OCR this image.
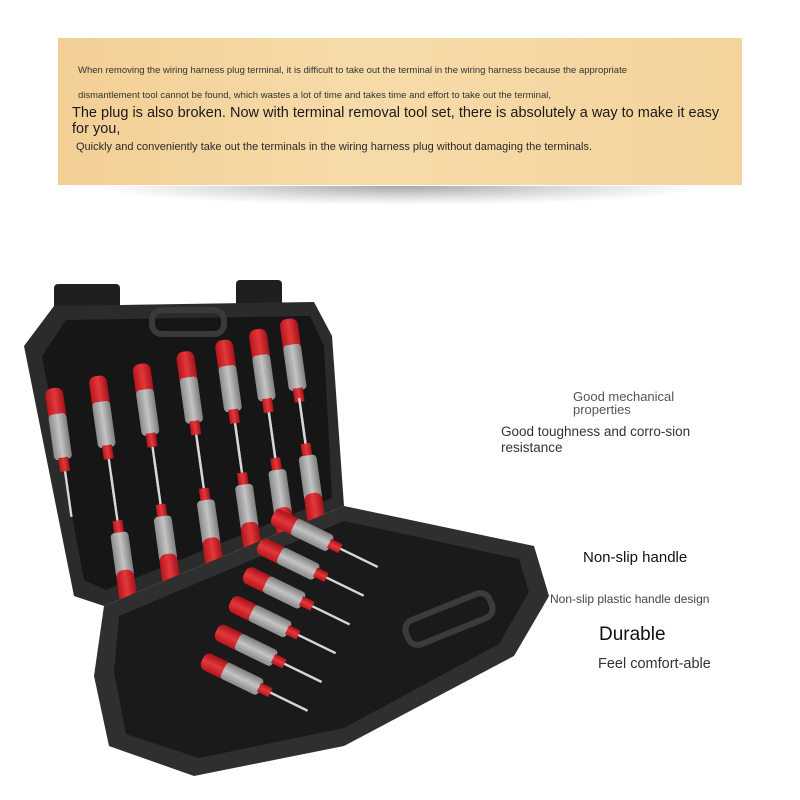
When removing the wiring harness plug terminal, it is difficult to take out the terminal in the wiring harness because the appropriate
dismantlement tool cannot be found, which wastes a lot of time and takes time and effort to take out the terminal,
The plug is also broken. Now with terminal removal tool set, there is absolutely a way to make it easy for you,
Quickly and conveniently take out the terminals in the wiring harness plug without damaging the terminals.
Good mechanical properties
Good toughness and corro-sion resistance
Non-slip handle
Non-slip plastic handle design
Durable
Feel comfort-able
